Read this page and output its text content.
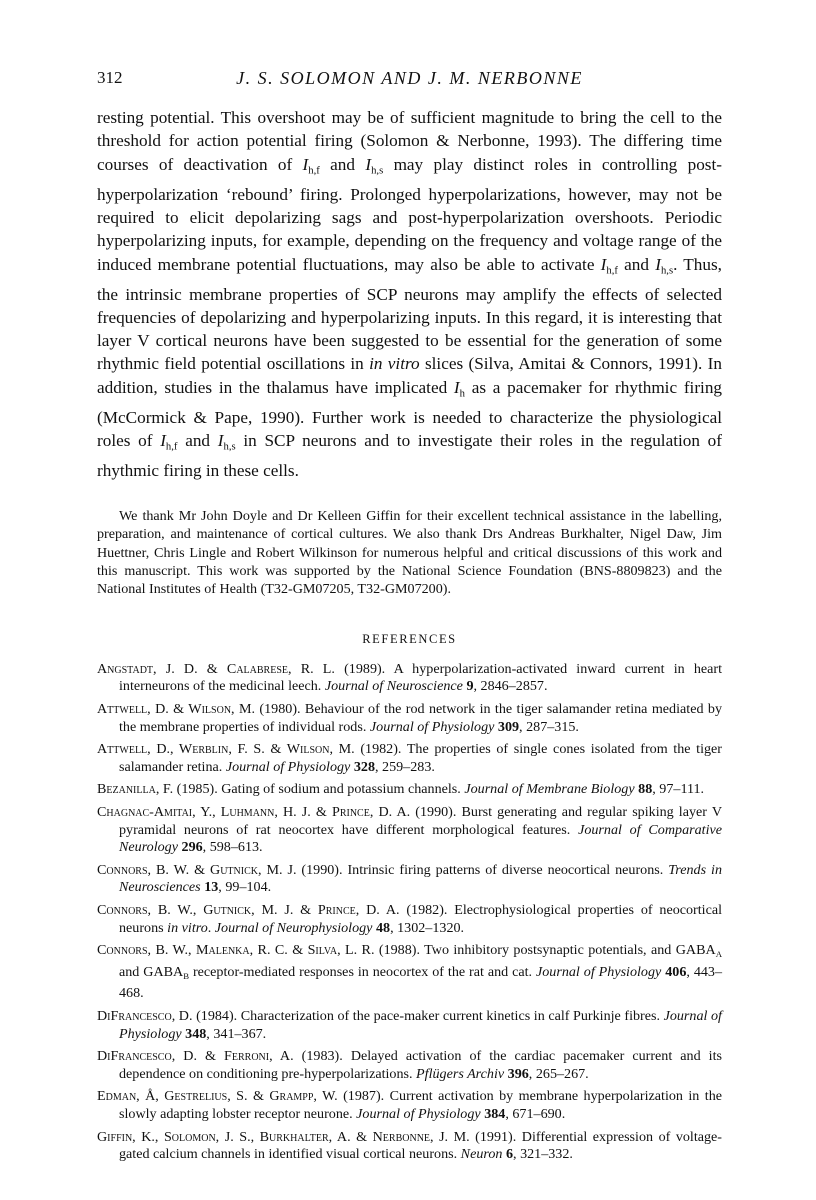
312	J. S. SOLOMON AND J. M. NERBONNE

resting potential. This overshoot may be of sufficient magnitude to bring the cell to the threshold for action potential firing (Solomon & Nerbonne, 1993). The differing time courses of deactivation of $I_{h,f}$ and $I_{h,s}$ may play distinct roles in controlling post-hyperpolarization ‘rebound’ firing. Prolonged hyperpolarizations, however, may not be required to elicit depolarizing sags and post-hyperpolarization overshoots. Periodic hyperpolarizing inputs, for example, depending on the frequency and voltage range of the induced membrane potential fluctuations, may also be able to activate $I_{h,f}$ and $I_{h,s}$. Thus, the intrinsic membrane properties of SCP neurons may amplify the effects of selected frequencies of depolarizing and hyperpolarizing inputs. In this regard, it is interesting that layer V cortical neurons have been suggested to be essential for the generation of some rhythmic field potential oscillations in in vitro slices (Silva, Amitai & Connors, 1991). In addition, studies in the thalamus have implicated $I_h$ as a pacemaker for rhythmic firing (McCormick & Pape, 1990). Further work is needed to characterize the physiological roles of $I_{h,f}$ and $I_{h,s}$ in SCP neurons and to investigate their roles in the regulation of rhythmic firing in these cells.

We thank Mr John Doyle and Dr Kelleen Giffin for their excellent technical assistance in the labelling, preparation, and maintenance of cortical cultures. We also thank Drs Andreas Burkhalter, Nigel Daw, Jim Huettner, Chris Lingle and Robert Wilkinson for numerous helpful and critical discussions of this work and this manuscript. This work was supported by the National Science Foundation (BNS-8809823) and the National Institutes of Health (T32-GM07205, T32-GM07200).

REFERENCES
Angstadt, J. D. & Calabrese, R. L. (1989). A hyperpolarization-activated inward current in heart interneurons of the medicinal leech. Journal of Neuroscience 9, 2846–2857.
Attwell, D. & Wilson, M. (1980). Behaviour of the rod network in the tiger salamander retina mediated by the membrane properties of individual rods. Journal of Physiology 309, 287–315.
Attwell, D., Werblin, F. S. & Wilson, M. (1982). The properties of single cones isolated from the tiger salamander retina. Journal of Physiology 328, 259–283.
Bezanilla, F. (1985). Gating of sodium and potassium channels. Journal of Membrane Biology 88, 97–111.
Chagnac-Amitai, Y., Luhmann, H. J. & Prince, D. A. (1990). Burst generating and regular spiking layer V pyramidal neurons of rat neocortex have different morphological features. Journal of Comparative Neurology 296, 598–613.
Connors, B. W. & Gutnick, M. J. (1990). Intrinsic firing patterns of diverse neocortical neurons. Trends in Neurosciences 13, 99–104.
Connors, B. W., Gutnick, M. J. & Prince, D. A. (1982). Electrophysiological properties of neocortical neurons in vitro. Journal of Neurophysiology 48, 1302–1320.
Connors, B. W., Malenka, R. C. & Silva, L. R. (1988). Two inhibitory postsynaptic potentials, and $GABA_A$ and $GABA_B$ receptor-mediated responses in neocortex of the rat and cat. Journal of Physiology 406, 443–468.
DiFrancesco, D. (1984). Characterization of the pace-maker current kinetics in calf Purkinje fibres. Journal of Physiology 348, 341–367.
DiFrancesco, D. & Ferroni, A. (1983). Delayed activation of the cardiac pacemaker current and its dependence on conditioning pre-hyperpolarizations. Pflügers Archiv 396, 265–267.
Edman, Å, Gestrelius, S. & Grampp, W. (1987). Current activation by membrane hyperpolarization in the slowly adapting lobster receptor neurone. Journal of Physiology 384, 671–690.
Giffin, K., Solomon, J. S., Burkhalter, A. & Nerbonne, J. M. (1991). Differential expression of voltage-gated calcium channels in identified visual cortical neurons. Neuron 6, 321–332.
